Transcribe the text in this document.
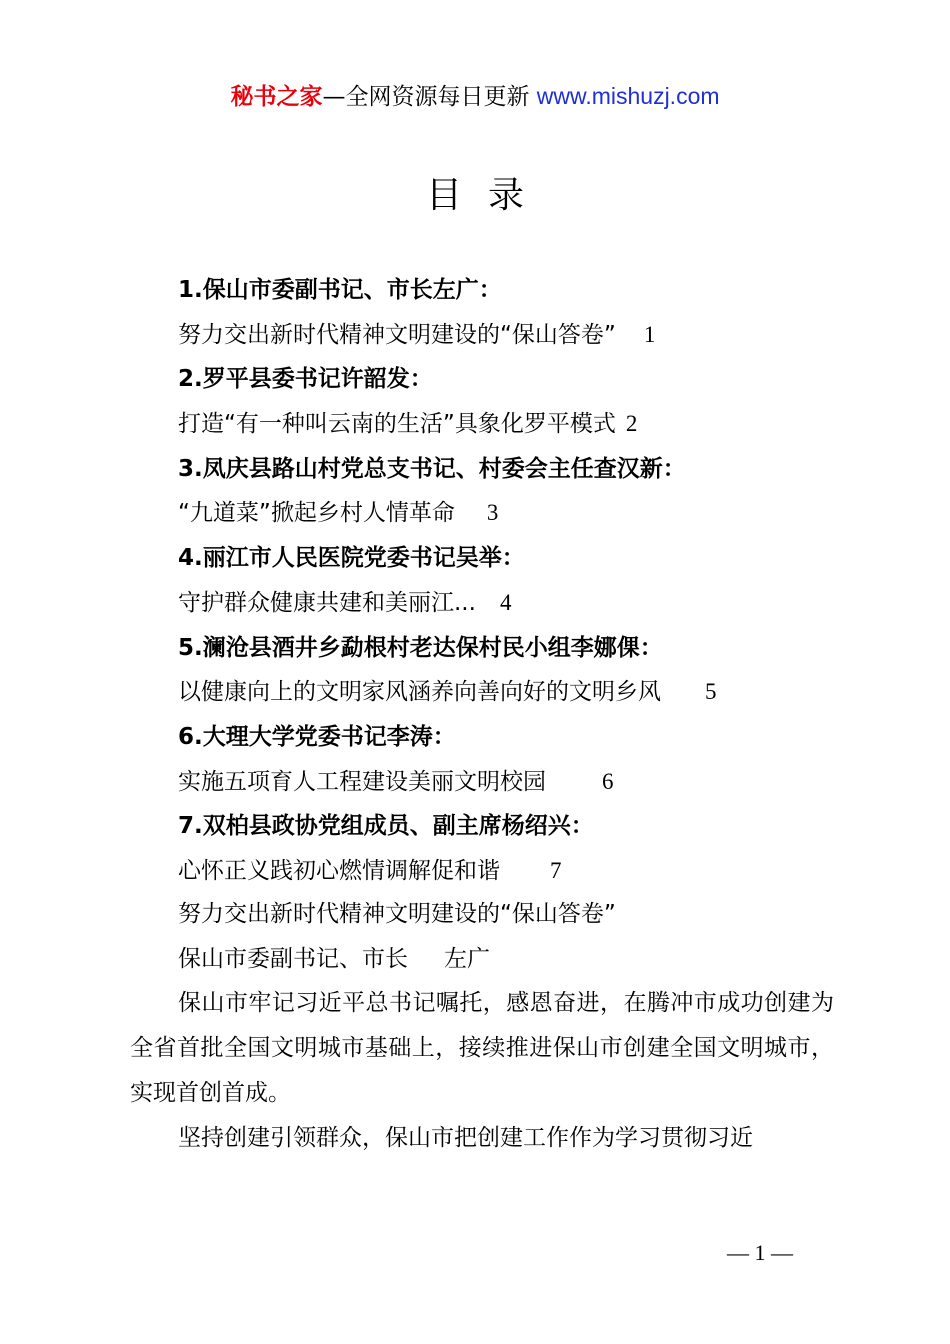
秘书之家—全网资源每日更新 www.mishuzj.com
目录
1.保山市委副书记、市长左广：
努力交出新时代精神文明建设的“保山答卷” 1
2.罗平县委书记许韶发：
打造“有一种叫云南的生活”具象化罗平模式 2
3.凤庆县路山村党总支书记、村委会主任查汉新：
“九道菜”掀起乡村人情革命 3
4.丽江市人民医院党委书记吴举：
守护群众健康共建和美丽江... 4
5.澜沧县酒井乡勐根村老达保村民小组李娜倮：
以健康向上的文明家风涵养向善向好的文明乡风 5
6.大理大学党委书记李涛：
实施五项育人工程建设美丽文明校园 6
7.双柏县政协党组成员、副主席杨绍兴：
心怀正义践初心燃情调解促和谐 7
努力交出新时代精神文明建设的“保山答卷”
保山市委副书记、市长 左广

保山市牢记习近平总书记嘱托，感恩奋进，在腾冲市成功创建为全省首批全国文明城市基础上，接续推进保山市创建全国文明城市，实现首创首成。

坚持创建引领群众，保山市把创建工作作为学习贯彻习近

— 1 —
